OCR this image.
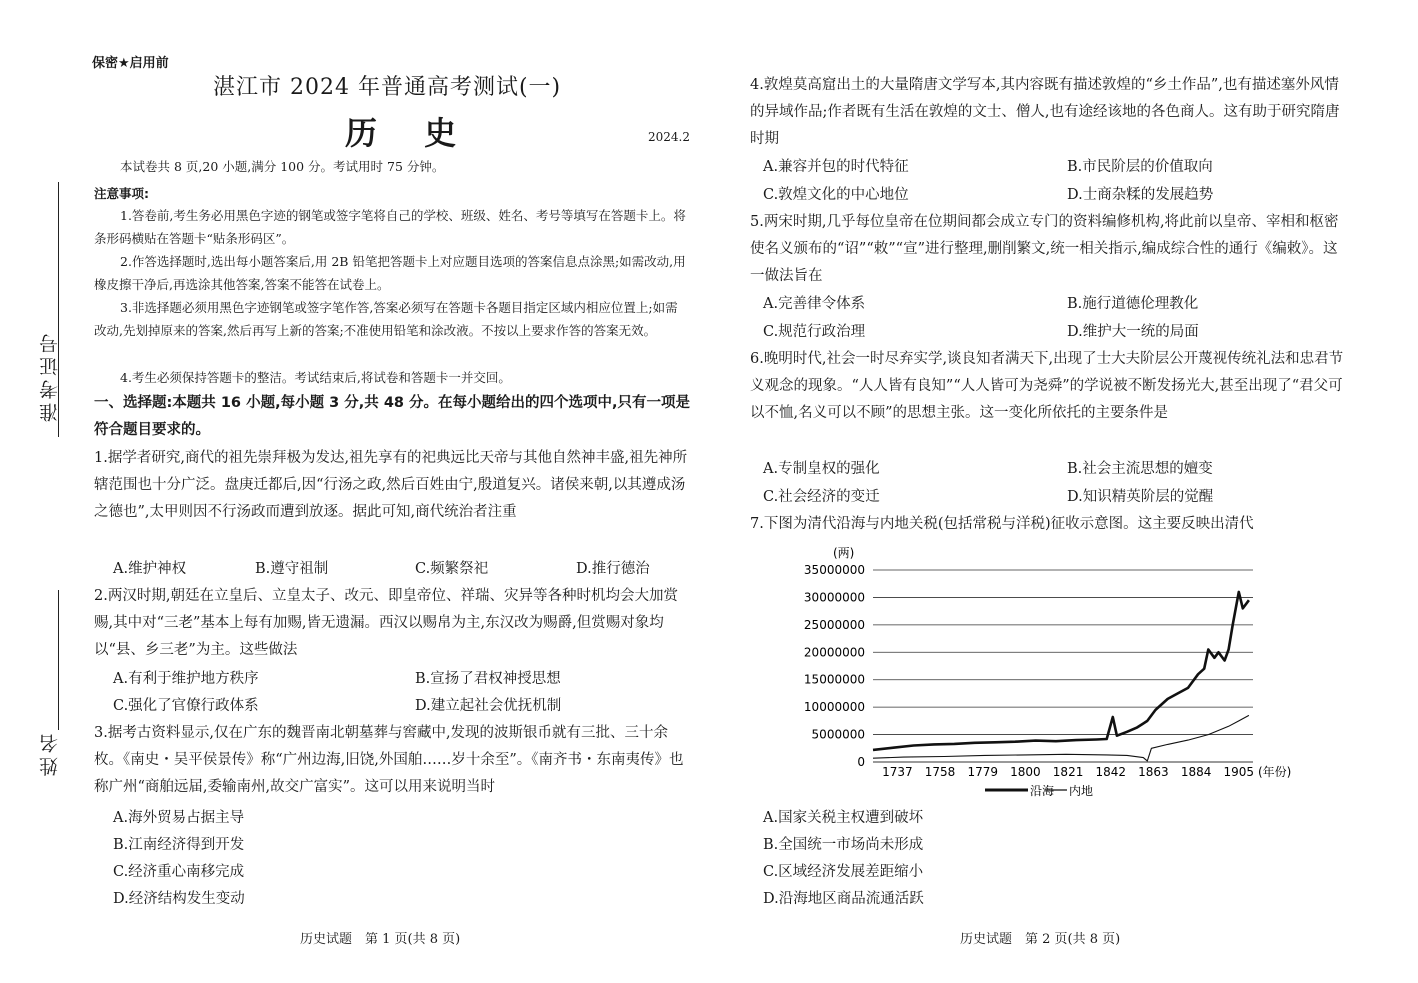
保密★启用前
湛江市 2024 年普通高考测试(一)
历 史	2024.2
本试卷共 8 页,20 小题,满分 100 分。考试用时 75 分钟。
准考证号
姓名
注意事项:
1.答卷前,考生务必用黑色字迹的钢笔或签字笔将自己的学校、班级、姓名、考号等填写在答题卡上。将条形码横贴在答题卡“贴条形码区”。
2.作答选择题时,选出每小题答案后,用 2B 铅笔把答题卡上对应题目选项的答案信息点涂黑;如需改动,用橡皮擦干净后,再选涂其他答案,答案不能答在试卷上。
3.非选择题必须用黑色字迹钢笔或签字笔作答,答案必须写在答题卡各题目指定区域内相应位置上;如需改动,先划掉原来的答案,然后再写上新的答案;不准使用铅笔和涂改液。不按以上要求作答的答案无效。
4.考生必须保持答题卡的整洁。考试结束后,将试卷和答题卡一并交回。
一、选择题:本题共 16 小题,每小题 3 分,共 48 分。在每小题给出的四个选项中,只有一项是符合题目要求的。
1.据学者研究,商代的祖先崇拜极为发达,祖先享有的祀典远比天帝与其他自然神丰盛,祖先神所辖范围也十分广泛。盘庚迁都后,因“行汤之政,然后百姓由宁,殷道复兴。诸侯来朝,以其遵成汤之德也”,太甲则因不行汤政而遭到放逐。据此可知,商代统治者注重
A.维护神权	B.遵守祖制	C.频繁祭祀	D.推行德治
2.两汉时期,朝廷在立皇后、立皇太子、改元、即皇帝位、祥瑞、灾异等各种时机均会大加赏赐,其中对“三老”基本上每有加赐,皆无遗漏。西汉以赐帛为主,东汉改为赐爵,但赏赐对象均以“县、乡三老”为主。这些做法
A.有利于维护地方秩序	B.宣扬了君权神授思想
C.强化了官僚行政体系	D.建立起社会优抚机制
3.据考古资料显示,仅在广东的魏晋南北朝墓葬与窖藏中,发现的波斯银币就有三批、三十余枚。《南史・吴平侯景传》称“广州边海,旧饶,外国舶……岁十余至”。《南齐书・东南夷传》也称广州“商舶远届,委输南州,故交广富实”。这可以用来说明当时
A.海外贸易占据主导
B.江南经济得到开发
C.经济重心南移完成
D.经济结构发生变动
历史试题　第 1 页(共 8 页)
4.敦煌莫高窟出土的大量隋唐文学写本,其内容既有描述敦煌的“乡土作品”,也有描述塞外风情的异域作品;作者既有生活在敦煌的文士、僧人,也有途经该地的各色商人。这有助于研究隋唐时期
A.兼容并包的时代特征	B.市民阶层的价值取向
C.敦煌文化的中心地位	D.士商杂糅的发展趋势
5.两宋时期,几乎每位皇帝在位期间都会成立专门的资料编修机构,将此前以皇帝、宰相和枢密使名义颁布的“诏”“敕”“宣”进行整理,删削繁文,统一相关指示,编成综合性的通行《编敕》。这一做法旨在
A.完善律令体系	B.施行道德伦理教化
C.规范行政治理	D.维护大一统的局面
6.晚明时代,社会一时尽弃实学,谈良知者满天下,出现了士大夫阶层公开蔑视传统礼法和忠君节义观念的现象。“人人皆有良知”“人人皆可为尧舜”的学说被不断发扬光大,甚至出现了“君父可以不恤,名义可以不顾”的思想主张。这一变化所依托的主要条件是
A.专制皇权的强化	B.社会主流思想的嬗变
C.社会经济的变迁	D.知识精英阶层的觉醒
7.下图为清代沿海与内地关税(包括常税与洋税)征收示意图。这主要反映出清代
(两)
35000000
30000000
25000000
20000000
15000000
10000000
5000000
0
1737 1758 1779 1800 1821 1842 1863 1884 1905 (年份)
沿海 内地
A.国家关税主权遭到破坏
B.全国统一市场尚未形成
C.区域经济发展差距缩小
D.沿海地区商品流通活跃
历史试题　第 2 页(共 8 页)
